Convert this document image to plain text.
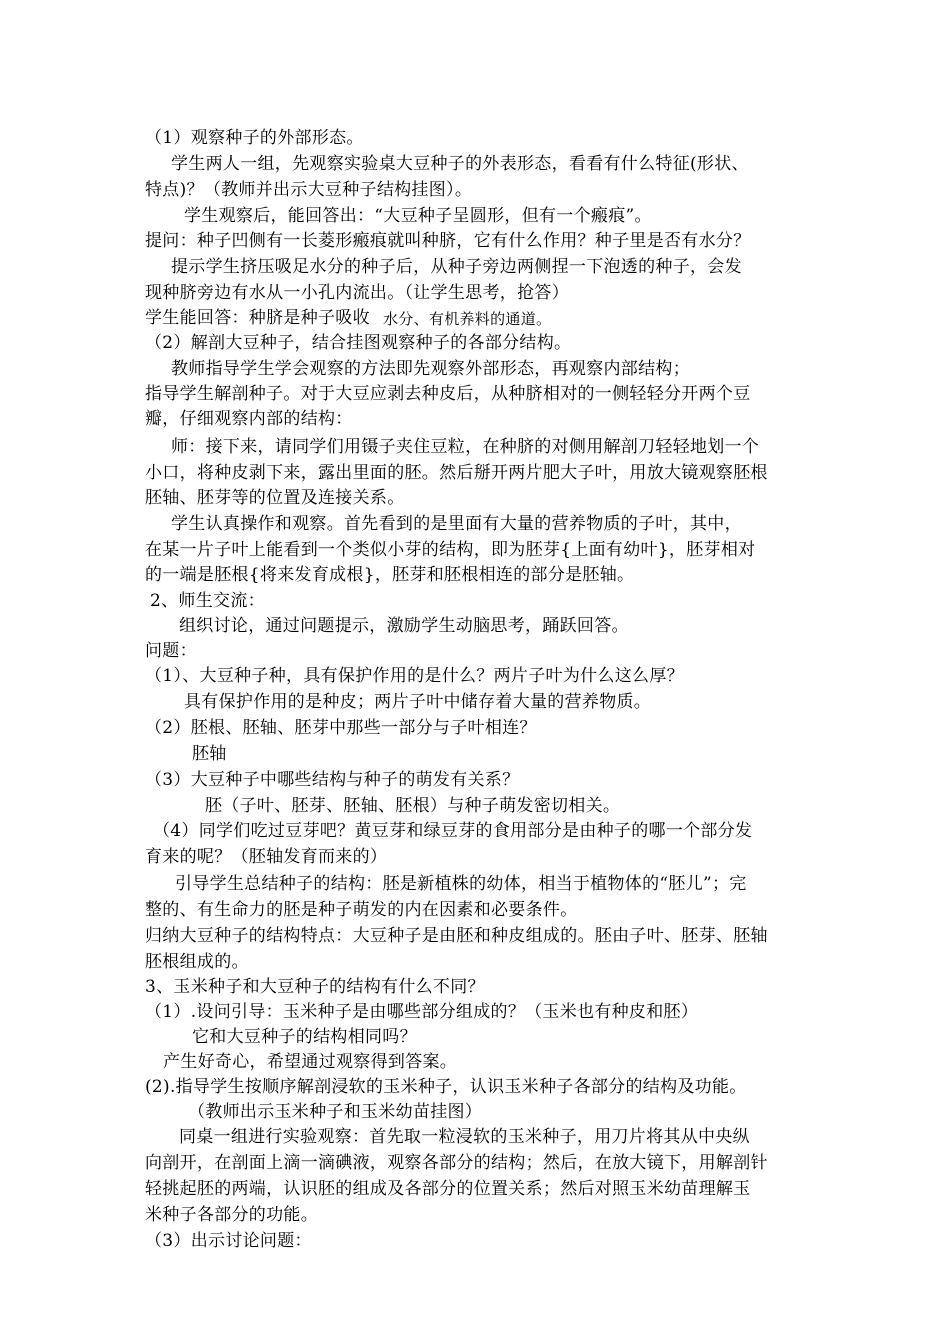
（1）观察种子的外部形态。
学生两人一组，先观察实验桌大豆种子的外表形态，看看有什么特征(形状、
特点)？（教师并出示大豆种子结构挂图）。
学生观察后，能回答出：“大豆种子呈圆形，但有一个瘢痕”。
提问：种子凹侧有一长菱形瘢痕就叫种脐，它有什么作用？种子里是否有水分？
提示学生挤压吸足水分的种子后，从种子旁边两侧捏一下泡透的种子，会发
现种脐旁边有水从一小孔内流出。（让学生思考，抢答）
学生能回答：种脐是种子吸收 水分、有机养料的通道。
（2）解剖大豆种子，结合挂图观察种子的各部分结构。
教师指导学生学会观察的方法即先观察外部形态，再观察内部结构；
指导学生解剖种子。对于大豆应剥去种皮后，从种脐相对的一侧轻轻分开两个豆
瓣，仔细观察内部的结构：
师：接下来，请同学们用镊子夹住豆粒，在种脐的对侧用解剖刀轻轻地划一个
小口，将种皮剥下来，露出里面的胚。然后掰开两片肥大子叶，用放大镜观察胚根
胚轴、胚芽等的位置及连接关系。
学生认真操作和观察。首先看到的是里面有大量的营养物质的子叶，其中，
在某一片子叶上能看到一个类似小芽的结构，即为胚芽{上面有幼叶}，胚芽相对
的一端是胚根{将来发育成根}，胚芽和胚根相连的部分是胚轴。
2、师生交流：
组织讨论，通过问题提示，激励学生动脑思考，踊跃回答。
问题：
（1）、大豆种子种，具有保护作用的是什么？两片子叶为什么这么厚？
具有保护作用的是种皮；两片子叶中储存着大量的营养物质。
（2）胚根、胚轴、胚芽中那些一部分与子叶相连？
胚轴
（3）大豆种子中哪些结构与种子的萌发有关系？
胚（子叶、胚芽、胚轴、胚根）与种子萌发密切相关。
（4）同学们吃过豆芽吧？黄豆芽和绿豆芽的食用部分是由种子的哪一个部分发
育来的呢？（胚轴发育而来的）
引导学生总结种子的结构：胚是新植株的幼体，相当于植物体的“胚儿”；完
整的、有生命力的胚是种子萌发的内在因素和必要条件。
归纳大豆种子的结构特点：大豆种子是由胚和种皮组成的。胚由子叶、胚芽、胚轴
胚根组成的。
3、玉米种子和大豆种子的结构有什么不同？
（1）.设问引导：玉米种子是由哪些部分组成的？（玉米也有种皮和胚）
它和大豆种子的结构相同吗？
产生好奇心，希望通过观察得到答案。
(2).指导学生按顺序解剖浸软的玉米种子，认识玉米种子各部分的结构及功能。
（教师出示玉米种子和玉米幼苗挂图）
同桌一组进行实验观察：首先取一粒浸软的玉米种子，用刀片将其从中央纵
向剖开，在剖面上滴一滴碘液，观察各部分的结构；然后，在放大镜下，用解剖针
轻挑起胚的两端，认识胚的组成及各部分的位置关系；然后对照玉米幼苗理解玉
米种子各部分的功能。
（3）出示讨论问题：
